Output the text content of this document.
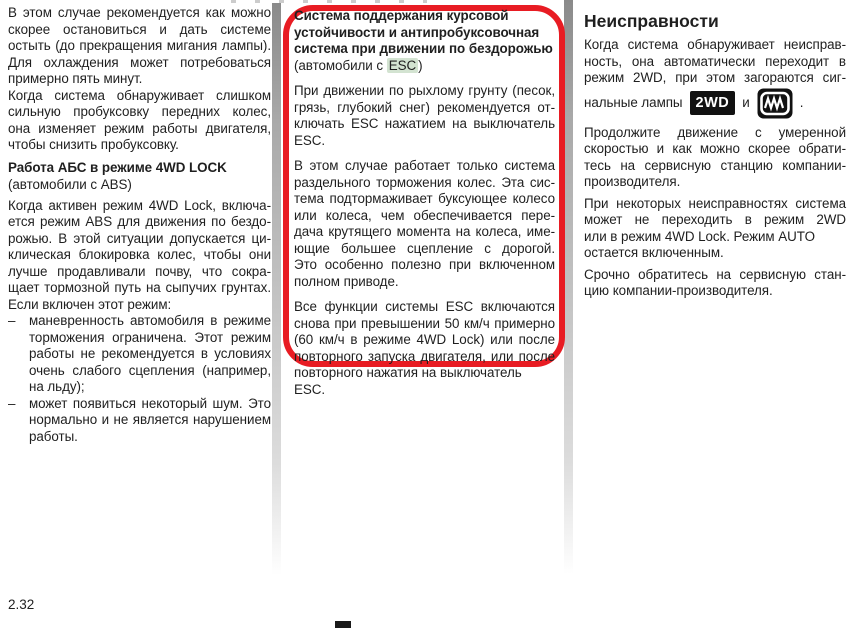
В этом случае рекомендуется как можно
скорее остановиться и дать системе
остыть (до прекращения мигания лампы).
Для охлаждения может потребоваться
примерно пять минут.
Когда система обнаруживает слишком
сильную пробуксовку передних колес,
она изменяет режим работы двигателя,
чтобы снизить пробуксовку.
Работа АБС в режиме 4WD LOCK
(автомобили с ABS)
Когда активен режим 4WD Lock, включа-
ется режим ABS для движения по бездо-
рожью. В этой ситуации допускается ци-
клическая блокировка колес, чтобы они
лучше продавливали почву, что сокра-
щает тормозной путь на сыпучих грунтах.
Если включен этот режим:
–	маневренность автомобиля в режиме
торможения ограничена. Этот режим
работы не рекомендуется в условиях
очень слабого сцепления (например,
на льду);
–	может появиться некоторый шум. Это
нормально и не является нарушением
работы.
Система поддержания курсовой
устойчивости и антипробуксовочная
система при движении по бездорожью
(автомобили с ESC )
При движении по рыхлому грунту (песок,
грязь, глубокий снег) рекомендуется от-
ключать ESC нажатием на выключатель
ESC.
В этом случае работает только система
раздельного торможения колес. Эта сис-
тема подтормаживает буксующее колесо
или колеса, чем обеспечивается пере-
дача крутящего момента на колеса, име-
ющие большее сцепление с дорогой.
Это особенно полезно при включенном
полном приводе.
Все функции системы ESC включаются
снова при превышении 50 км/ч примерно
(60 км/ч в режиме 4WD Lock) или после
повторного запуска двигателя, или после
повторного нажатия на выключатель ESC.
Неисправности
Когда система обнаруживает неисправ-
ность, она автоматически переходит в
режим 2WD, при этом загораются сиг-
нальные лампы 2WD и	.
Продолжите движение с умеренной
скоростью и как можно скорее обрати-
тесь на сервисную станцию компании-
производителя.
При некоторых неисправностях система
может не переходить в режим 2WD
или в режим 4WD Lock. Режим AUTO
остается включенным.
Срочно обратитесь на сервисную стан-
цию компании-производителя.
2.32
